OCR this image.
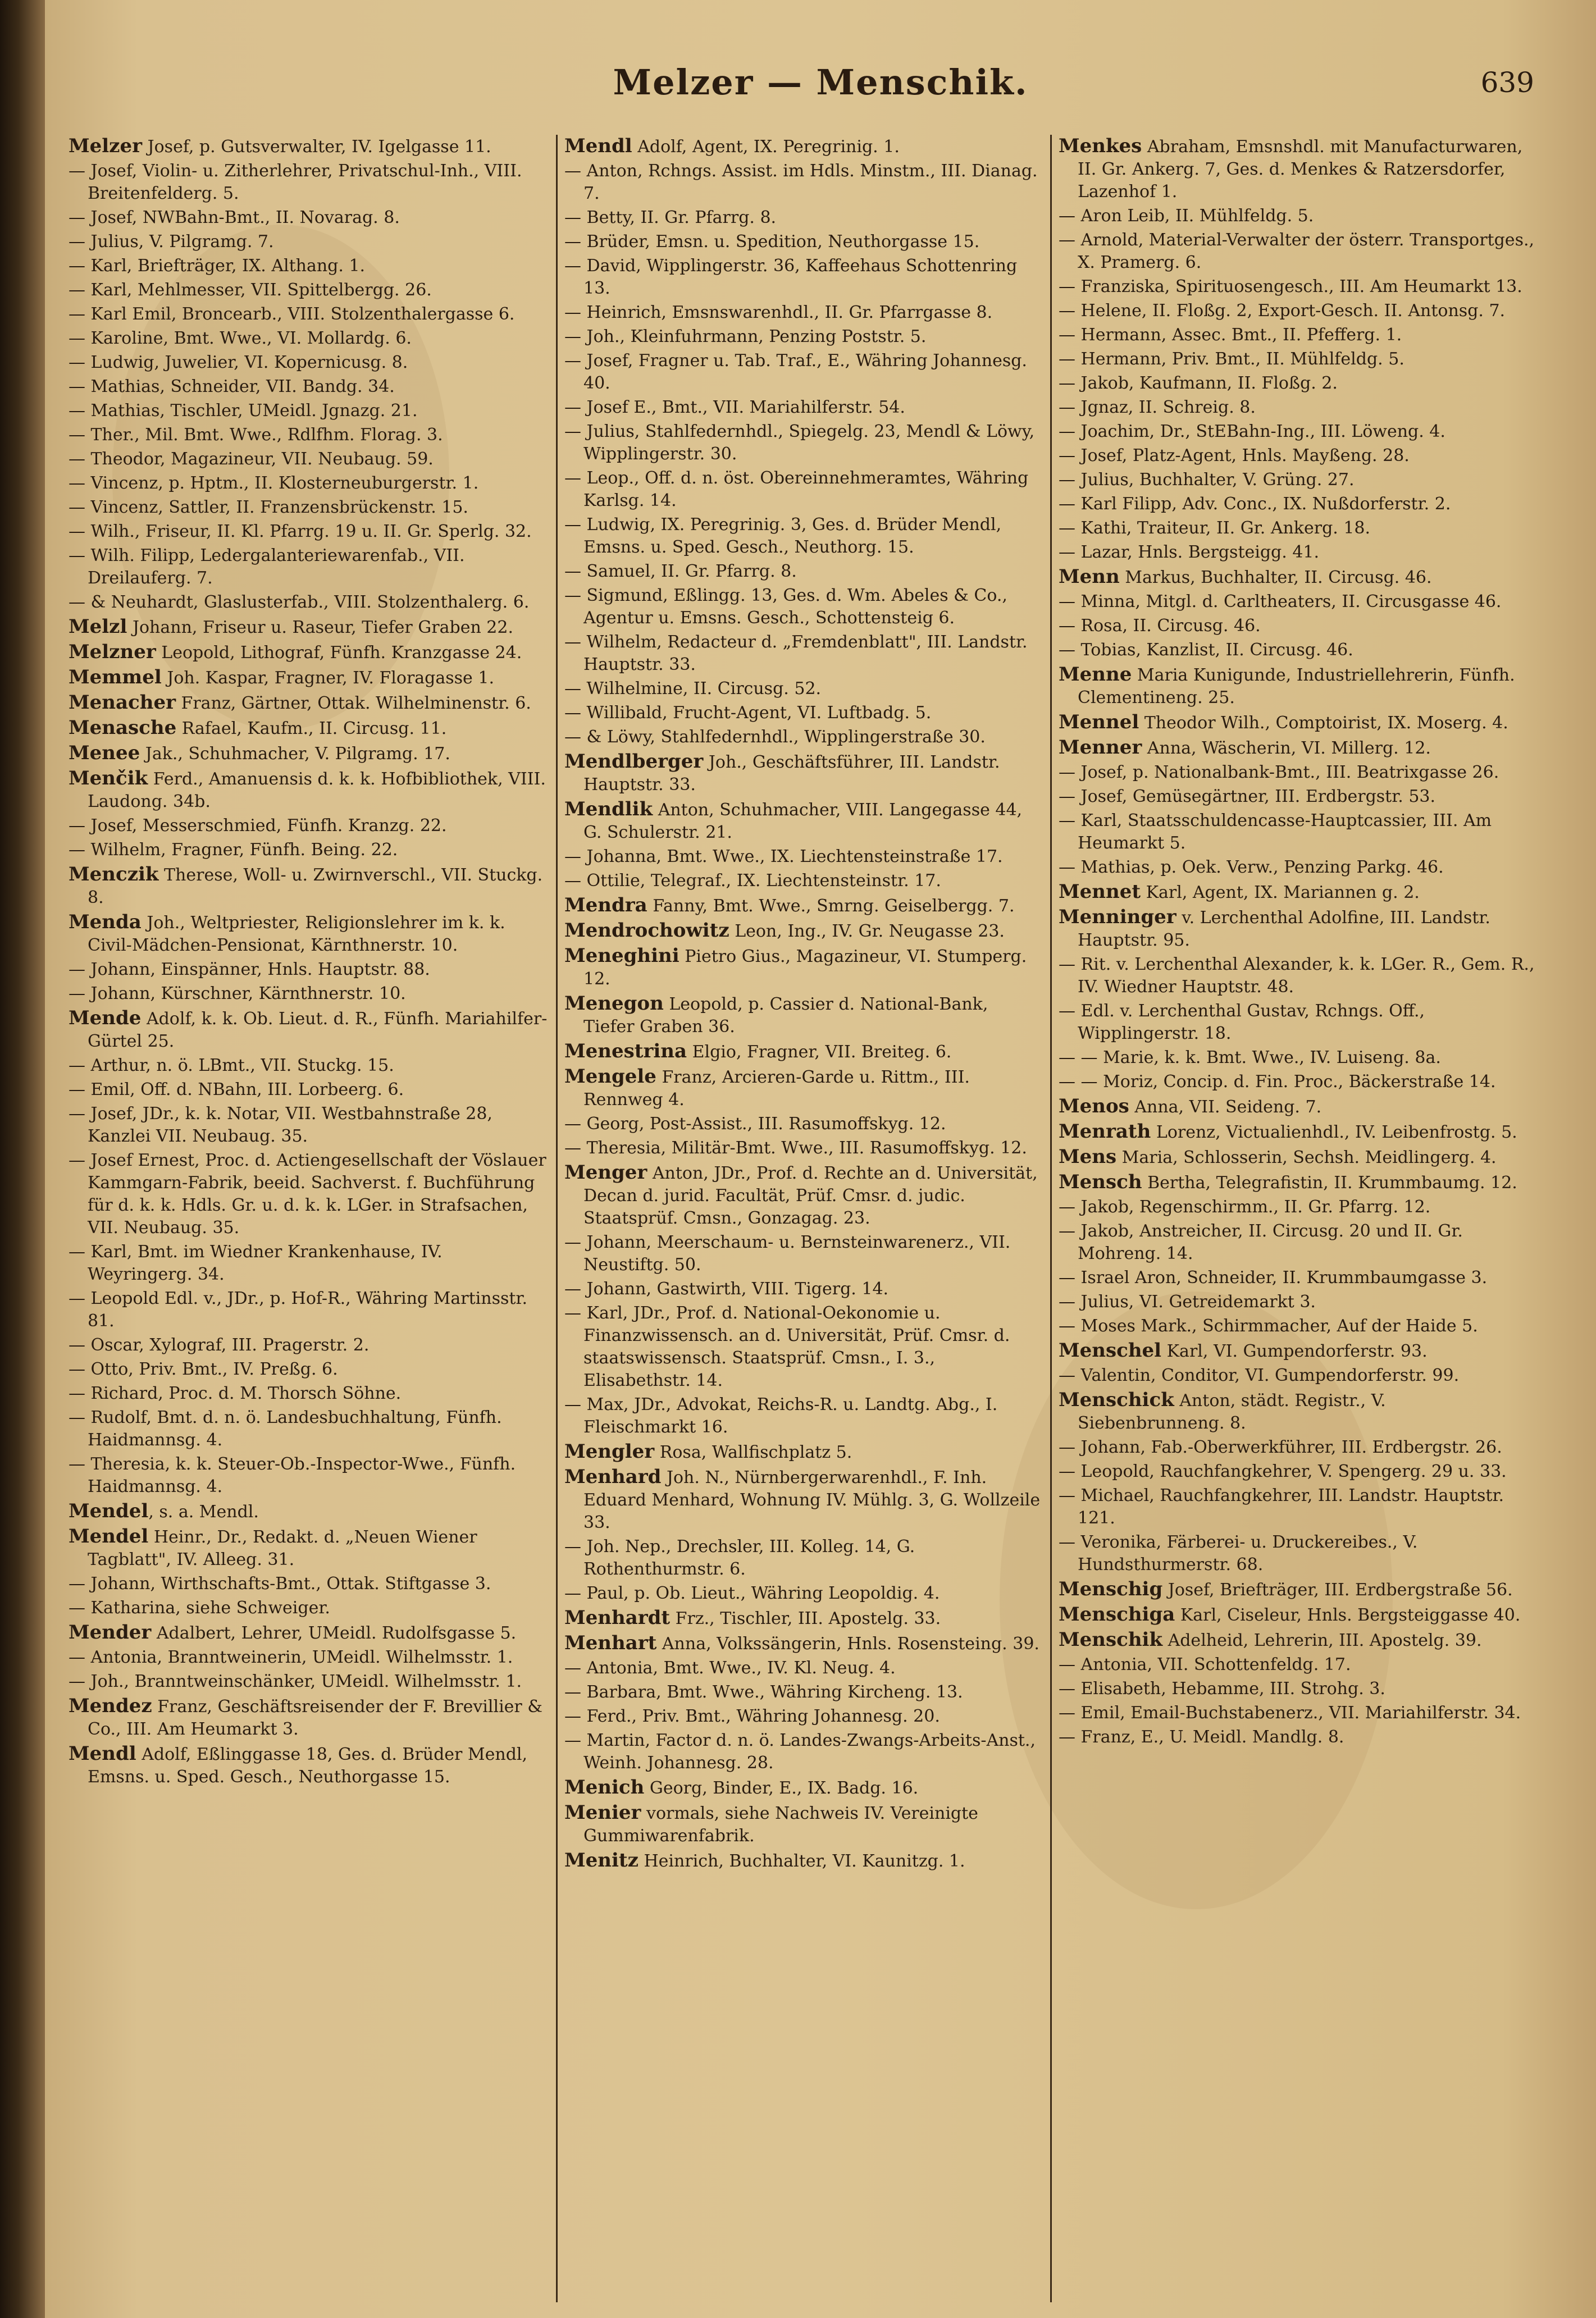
Melzer — Menschik.	639
Melzer Josef, p. Gutsverwalter, IV. Igelgasse 11.
— Josef, Violin- u. Zitherlehrer, Privatschul-Inh., VIII. Breitenfelderg. 5.
— Josef, NWBahn-Bmt., II. Novarag. 8.
— Julius, V. Pilgramg. 7.
— Karl, Briefträger, IX. Althang. 1.
— Karl, Mehlmesser, VII. Spittelbergg. 26.
— Karl Emil, Broncearb., VIII. Stolzenthalergasse 6.
— Karoline, Bmt. Wwe., VI. Mollardg. 6.
— Ludwig, Juwelier, VI. Kopernicusg. 8.
— Mathias, Schneider, VII. Bandg. 34.
— Mathias, Tischler, UMeidl. Jgnazg. 21.
— Ther., Mil. Bmt. Wwe., Rdlfhm. Florag. 3.
— Theodor, Magazineur, VII. Neubaug. 59.
— Vincenz, p. Hptm., II. Klosterneuburgerstr. 1.
— Vincenz, Sattler, II. Franzensbrückenstr. 15.
— Wilh., Friseur, II. Kl. Pfarrg. 19 u. II. Gr. Sperlg. 32.
— Wilh. Filipp, Ledergalanteriewarenfab., VII. Dreilauferg. 7.
— & Neuhardt, Glaslusterfab., VIII. Stolzenthalerg. 6.
Melzl Johann, Friseur u. Raseur, Tiefer Graben 22.
Melzner Leopold, Lithograf, Fünfh. Kranzgasse 24.
Memmel Joh. Kaspar, Fragner, IV. Floragasse 1.
Menacher Franz, Gärtner, Ottak. Wilhelminenstr. 6.
Menasche Rafael, Kaufm., II. Circusg. 11.
Menee Jak., Schuhmacher, V. Pilgramg. 17.
Menčik Ferd., Amanuensis d. k. k. Hofbibliothek, VIII. Laudong. 34b.
— Josef, Messerschmied, Fünfh. Kranzg. 22.
— Wilhelm, Fragner, Fünfh. Being. 22.
Menczik Therese, Woll- u. Zwirnverschl., VII. Stuckg. 8.
Menda Joh., Weltpriester, Religionslehrer im k. k. Civil-Mädchen-Pensionat, Kärnthnerstr. 10.
— Johann, Einspänner, Hnls. Hauptstr. 88.
— Johann, Kürschner, Kärnthnerstr. 10.
Mende Adolf, k. k. Ob. Lieut. d. R., Fünfh. Mariahilfer-Gürtel 25.
— Arthur, n. ö. LBmt., VII. Stuckg. 15.
— Emil, Off. d. NBahn, III. Lorbeerg. 6.
— Josef, JDr., k. k. Notar, VII. Westbahnstraße 28, Kanzlei VII. Neubaug. 35.
— Josef Ernest, Proc. d. Actiengesellschaft der Vöslauer Kammgarn-Fabrik, beeid. Sachverst. f. Buchführung für d. k. k. Hdls. Gr. u. d. k. k. LGer. in Strafsachen, VII. Neubaug. 35.
— Karl, Bmt. im Wiedner Krankenhause, IV. Weyringerg. 34.
— Leopold Edl. v., JDr., p. Hof-R., Währing Martinsstr. 81.
— Oscar, Xylograf, III. Pragerstr. 2.
— Otto, Priv. Bmt., IV. Preßg. 6.
— Richard, Proc. d. M. Thorsch Söhne.
— Rudolf, Bmt. d. n. ö. Landesbuchhaltung, Fünfh. Haidmannsg. 4.
— Theresia, k. k. Steuer-Ob.-Inspector-Wwe., Fünfh. Haidmannsg. 4.
Mendel, s. a. Mendl.
Mendel Heinr., Dr., Redakt. d. „Neuen Wiener Tagblatt", IV. Alleeg. 31.
— Johann, Wirthschafts-Bmt., Ottak. Stiftgasse 3.
— Katharina, siehe Schweiger.
Mender Adalbert, Lehrer, UMeidl. Rudolfsgasse 5.
— Antonia, Branntweinerin, UMeidl. Wilhelmsstr. 1.
— Joh., Branntweinschänker, UMeidl. Wilhelmsstr. 1.
Mendez Franz, Geschäftsreisender der F. Brevillier & Co., III. Am Heumarkt 3.
Mendl Adolf, Eßlinggasse 18, Ges. d. Brüder Mendl, Emsns. u. Sped. Gesch., Neuthorgasse 15.
Mendl Adolf, Agent, IX. Peregrinig. 1.
— Anton, Rchngs. Assist. im Hdls. Minstm., III. Dianag. 7.
— Betty, II. Gr. Pfarrg. 8.
— Brüder, Emsn. u. Spedition, Neuthorgasse 15.
— David, Wipplingerstr. 36, Kaffeehaus Schottenring 13.
— Heinrich, Emsnswarenhdl., II. Gr. Pfarrgasse 8.
— Joh., Kleinfuhrmann, Penzing Poststr. 5.
— Josef, Fragner u. Tab. Traf., E., Währing Johannesg. 40.
— Josef E., Bmt., VII. Mariahilferstr. 54.
— Julius, Stahlfedernhdl., Spiegelg. 23, Mendl & Löwy, Wipplingerstr. 30.
— Leop., Off. d. n. öst. Obereinnehmeramtes, Währing Karlsg. 14.
— Ludwig, IX. Peregrinig. 3, Ges. d. Brüder Mendl, Emsns. u. Sped. Gesch., Neuthorg. 15.
— Samuel, II. Gr. Pfarrg. 8.
— Sigmund, Eßlingg. 13, Ges. d. Wm. Abeles & Co., Agentur u. Emsns. Gesch., Schottensteig 6.
— Wilhelm, Redacteur d. „Fremdenblatt", III. Landstr. Hauptstr. 33.
— Wilhelmine, II. Circusg. 52.
— Willibald, Frucht-Agent, VI. Luftbadg. 5.
— & Löwy, Stahlfedernhdl., Wipplingerstraße 30.
Mendlberger Joh., Geschäftsführer, III. Landstr. Hauptstr. 33.
Mendlik Anton, Schuhmacher, VIII. Langegasse 44, G. Schulerstr. 21.
— Johanna, Bmt. Wwe., IX. Liechtensteinstraße 17.
— Ottilie, Telegraf., IX. Liechtensteinstr. 17.
Mendra Fanny, Bmt. Wwe., Smrng. Geiselbergg. 7.
Mendrochowitz Leon, Ing., IV. Gr. Neugasse 23.
Meneghini Pietro Gius., Magazineur, VI. Stumperg. 12.
Menegon Leopold, p. Cassier d. National-Bank, Tiefer Graben 36.
Menestrina Elgio, Fragner, VII. Breiteg. 6.
Mengele Franz, Arcieren-Garde u. Rittm., III. Rennweg 4.
— Georg, Post-Assist., III. Rasumoffskyg. 12.
— Theresia, Militär-Bmt. Wwe., III. Rasumoffskyg. 12.
Menger Anton, JDr., Prof. d. Rechte an d. Universität, Decan d. jurid. Facultät, Prüf. Cmsr. d. judic. Staatsprüf. Cmsn., Gonzagag. 23.
— Johann, Meerschaum- u. Bernsteinwarenerz., VII. Neustiftg. 50.
— Johann, Gastwirth, VIII. Tigerg. 14.
— Karl, JDr., Prof. d. National-Oekonomie u. Finanzwissensch. an d. Universität, Prüf. Cmsr. d. staatswissensch. Staatsprüf. Cmsn., I. 3., Elisabethstr. 14.
— Max, JDr., Advokat, Reichs-R. u. Landtg. Abg., I. Fleischmarkt 16.
Mengler Rosa, Wallfischplatz 5.
Menhard Joh. N., Nürnbergerwarenhdl., F. Inh. Eduard Menhard, Wohnung IV. Mühlg. 3, G. Wollzeile 33.
— Joh. Nep., Drechsler, III. Kolleg. 14, G. Rothenthurmstr. 6.
— Paul, p. Ob. Lieut., Währing Leopoldig. 4.
Menhardt Frz., Tischler, III. Apostelg. 33.
Menhart Anna, Volkssängerin, Hnls. Rosensteing. 39.
— Antonia, Bmt. Wwe., IV. Kl. Neug. 4.
— Barbara, Bmt. Wwe., Währing Kircheng. 13.
— Ferd., Priv. Bmt., Währing Johannesg. 20.
— Martin, Factor d. n. ö. Landes-Zwangs-Arbeits-Anst., Weinh. Johannesg. 28.
Menich Georg, Binder, E., IX. Badg. 16.
Menier vormals, siehe Nachweis IV. Vereinigte Gummiwarenfabrik.
Menitz Heinrich, Buchhalter, VI. Kaunitzg. 1.
Menkes Abraham, Emsnshdl. mit Manufacturwaren, II. Gr. Ankerg. 7, Ges. d. Menkes & Ratzersdorfer, Lazenhof 1.
— Aron Leib, II. Mühlfeldg. 5.
— Arnold, Material-Verwalter der österr. Transportges., X. Pramerg. 6.
— Franziska, Spirituosengesch., III. Am Heumarkt 13.
— Helene, II. Floßg. 2, Export-Gesch. II. Antonsg. 7.
— Hermann, Assec. Bmt., II. Pfefferg. 1.
— Hermann, Priv. Bmt., II. Mühlfeldg. 5.
— Jakob, Kaufmann, II. Floßg. 2.
— Jgnaz, II. Schreig. 8.
— Joachim, Dr., StEBahn-Ing., III. Löweng. 4.
— Josef, Platz-Agent, Hnls. Mayßeng. 28.
— Julius, Buchhalter, V. Grüng. 27.
— Karl Filipp, Adv. Conc., IX. Nußdorferstr. 2.
— Kathi, Traiteur, II. Gr. Ankerg. 18.
— Lazar, Hnls. Bergsteigg. 41.
Menn Markus, Buchhalter, II. Circusg. 46.
— Minna, Mitgl. d. Carltheaters, II. Circusgasse 46.
— Rosa, II. Circusg. 46.
— Tobias, Kanzlist, II. Circusg. 46.
Menne Maria Kunigunde, Industriellehrerin, Fünfh. Clementineng. 25.
Mennel Theodor Wilh., Comptoirist, IX. Moserg. 4.
Menner Anna, Wäscherin, VI. Millerg. 12.
— Josef, p. Nationalbank-Bmt., III. Beatrixgasse 26.
— Josef, Gemüsegärtner, III. Erdbergstr. 53.
— Karl, Staatsschuldencasse-Hauptcassier, III. Am Heumarkt 5.
— Mathias, p. Oek. Verw., Penzing Parkg. 46.
Mennet Karl, Agent, IX. Mariannen g. 2.
Menninger v. Lerchenthal Adolfine, III. Landstr. Hauptstr. 95.
— Rit. v. Lerchenthal Alexander, k. k. LGer. R., Gem. R., IV. Wiedner Hauptstr. 48.
— Edl. v. Lerchenthal Gustav, Rchngs. Off., Wipplingerstr. 18.
— — Marie, k. k. Bmt. Wwe., IV. Luiseng. 8a.
— — Moriz, Concip. d. Fin. Proc., Bäckerstraße 14.
Menos Anna, VII. Seideng. 7.
Menrath Lorenz, Victualienhdl., IV. Leibenfrostg. 5.
Mens Maria, Schlosserin, Sechsh. Meidlingerg. 4.
Mensch Bertha, Telegrafistin, II. Krummbaumg. 12.
— Jakob, Regenschirmm., II. Gr. Pfarrg. 12.
— Jakob, Anstreicher, II. Circusg. 20 und II. Gr. Mohreng. 14.
— Israel Aron, Schneider, II. Krummbaumgasse 3.
— Julius, VI. Getreidemarkt 3.
— Moses Mark., Schirmmacher, Auf der Haide 5.
Menschel Karl, VI. Gumpendorferstr. 93.
— Valentin, Conditor, VI. Gumpendorferstr. 99.
Menschick Anton, städt. Registr., V. Siebenbrunneng. 8.
— Johann, Fab.-Oberwerkführer, III. Erdbergstr. 26.
— Leopold, Rauchfangkehrer, V. Spengerg. 29 u. 33.
— Michael, Rauchfangkehrer, III. Landstr. Hauptstr. 121.
— Veronika, Färberei- u. Druckereibes., V. Hundsthurmerstr. 68.
Menschig Josef, Briefträger, III. Erdbergstraße 56.
Menschiga Karl, Ciseleur, Hnls. Bergsteiggasse 40.
Menschik Adelheid, Lehrerin, III. Apostelg. 39.
— Antonia, VII. Schottenfeldg. 17.
— Elisabeth, Hebamme, III. Strohg. 3.
— Emil, Email-Buchstabenerz., VII. Mariahilferstr. 34.
— Franz, E., U. Meidl. Mandlg. 8.
